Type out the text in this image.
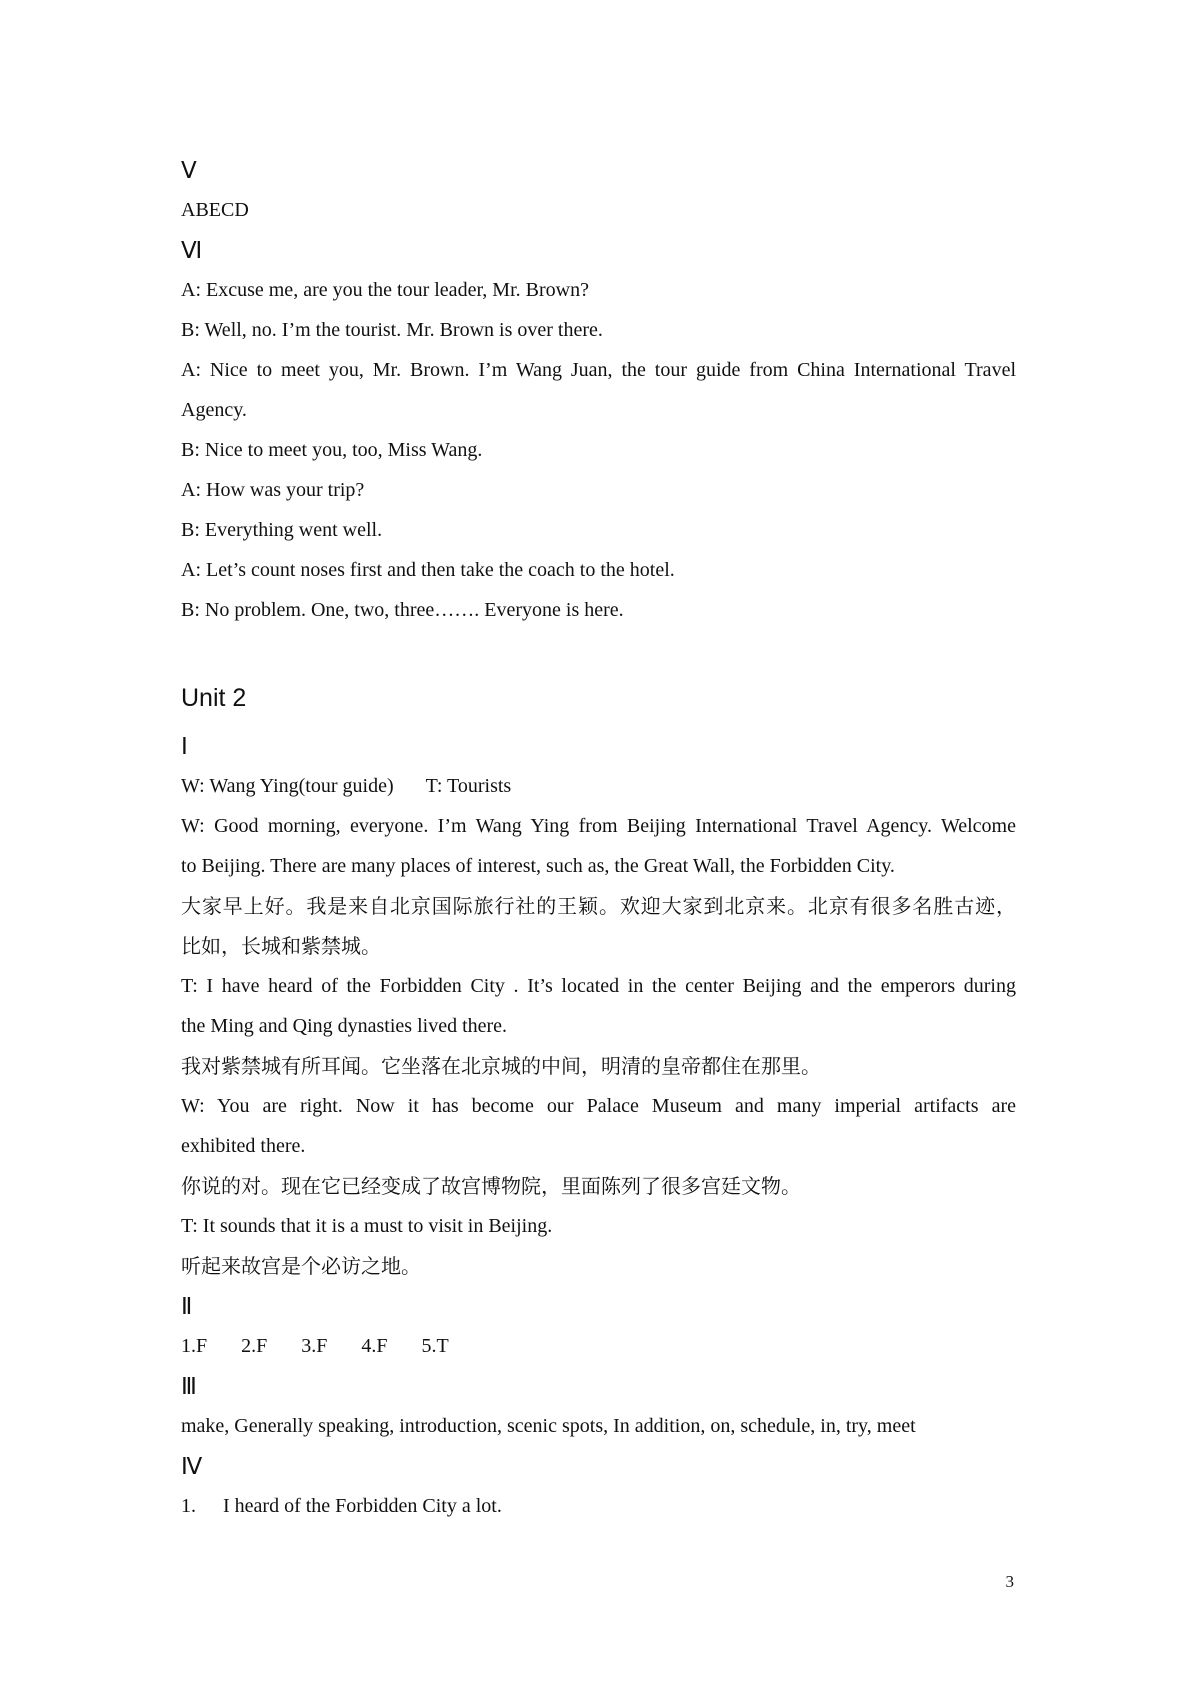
Ⅴ
ABECD
Ⅵ
A: Excuse me, are you the tour leader, Mr. Brown?
B: Well, no. I’m the tourist. Mr. Brown is over there.
A: Nice to meet you, Mr. Brown. I’m Wang Juan, the tour guide from China International Travel
Agency.
B: Nice to meet you, too, Miss Wang.
A: How was your trip?
B: Everything went well.
A: Let’s count noses first and then take the coach to the hotel.
B: No problem. One, two, three……. Everyone is here.
Unit 2
Ⅰ
W: Wang Ying(tour guide) T: Tourists
W: Good morning, everyone. I’m Wang Ying from Beijing International Travel Agency. Welcome
to Beijing. There are many places of interest, such as, the Great Wall, the Forbidden City.
大家早上好。我是来自北京国际旅行社的王颖。欢迎大家到北京来。北京有很多名胜古迹，
比如，长城和紫禁城。
T: I have heard of the Forbidden City . It’s located in the center Beijing and the emperors during
the Ming and Qing dynasties lived there.
我对紫禁城有所耳闻。它坐落在北京城的中间，明清的皇帝都住在那里。
W: You are right. Now it has become our Palace Museum and many imperial artifacts are
exhibited there.
你说的对。现在它已经变成了故宫博物院，里面陈列了很多宫廷文物。
T: It sounds that it is a must to visit in Beijing.
听起来故宫是个必访之地。
Ⅱ
1.F 2.F 3.F 4.F 5.T
Ⅲ
make, Generally speaking, introduction, scenic spots, In addition, on, schedule, in, try, meet
Ⅳ
1. I heard of the Forbidden City a lot.
3
